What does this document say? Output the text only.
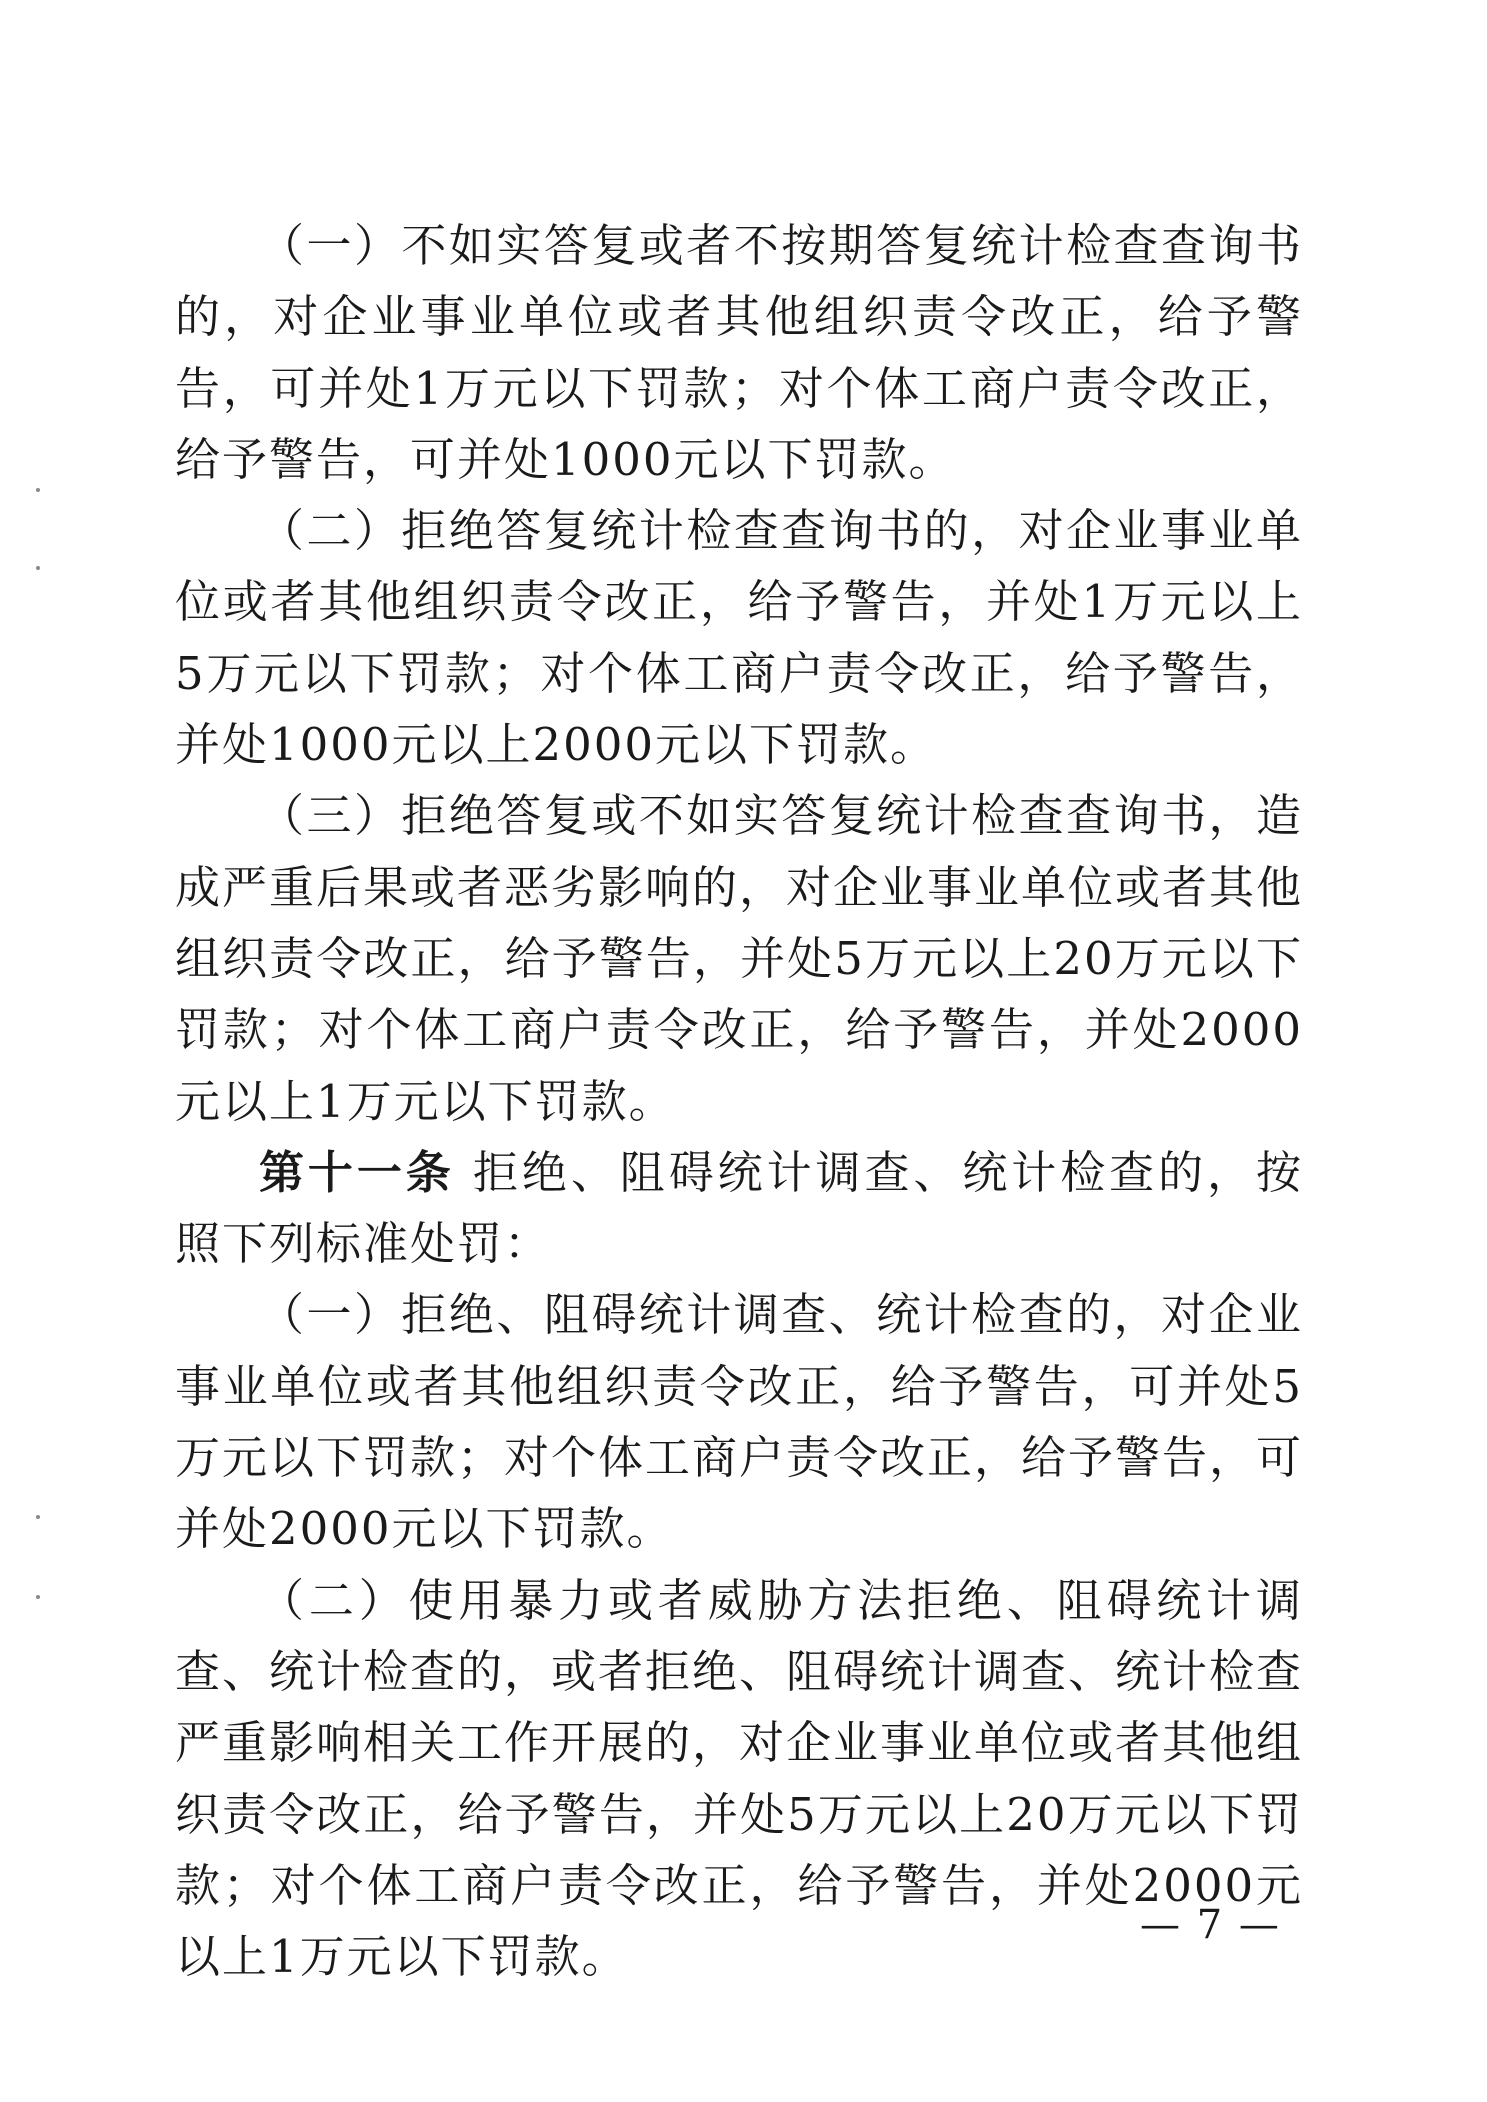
（一）不如实答复或者不按期答复统计检查查询书的，对企业事业单位或者其他组织责令改正，给予警告，可并处1万元以下罚款；对个体工商户责令改正，给予警告，可并处1000元以下罚款。

（二）拒绝答复统计检查查询书的，对企业事业单位或者其他组织责令改正，给予警告，并处1万元以上5万元以下罚款；对个体工商户责令改正，给予警告，并处1000元以上2000元以下罚款。

（三）拒绝答复或不如实答复统计检查查询书，造成严重后果或者恶劣影响的，对企业事业单位或者其他组织责令改正，给予警告，并处5万元以上20万元以下罚款；对个体工商户责令改正，给予警告，并处2000元以上1万元以下罚款。

第十一条 拒绝、阻碍统计调查、统计检查的，按照下列标准处罚：

（一）拒绝、阻碍统计调查、统计检查的，对企业事业单位或者其他组织责令改正，给予警告，可并处5万元以下罚款；对个体工商户责令改正，给予警告，可并处2000元以下罚款。

（二）使用暴力或者威胁方法拒绝、阻碍统计调查、统计检查的，或者拒绝、阻碍统计调查、统计检查严重影响相关工作开展的，对企业事业单位或者其他组织责令改正，给予警告，并处5万元以上20万元以下罚款；对个体工商户责令改正，给予警告，并处2000元以上1万元以下罚款。

— 7 —
